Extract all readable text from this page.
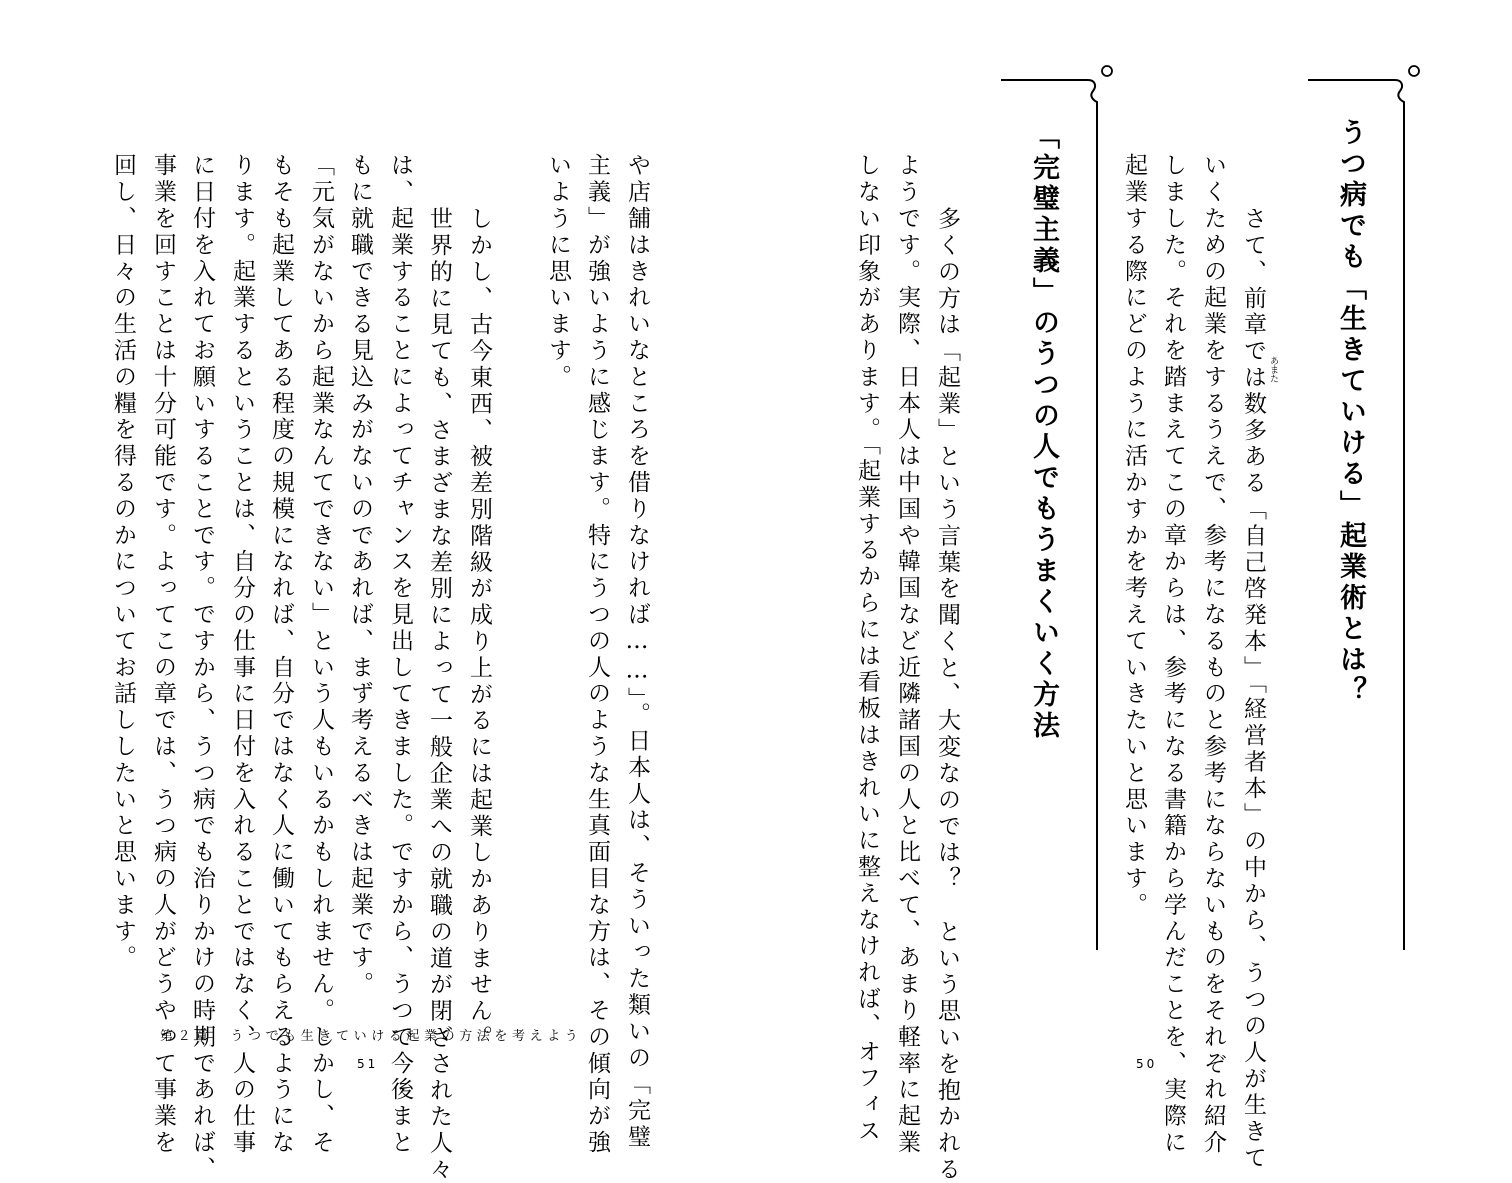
うつ病でも「生きていける」起業術とは？
　さて、前章では数多ある「自己啓発本」「経営者本」の中から、うつの人が生きて あまた
いくための起業をするうえで、参考になるものと参考にならないものをそれぞれ紹介
しました。それを踏まえてこの章からは、参考になる書籍から学んだことを、実際に
起業する際にどのように活かすかを考えていきたいと思います。
「完璧主義」のうつの人でもうまくいく方法
　多くの方は「起業」という言葉を聞くと、大変なのでは？　という思いを抱かれる
ようです。実際、日本人は中国や韓国など近隣諸国の人と比べて、あまり軽率に起業
しない印象があります。「起業するからには看板はきれいに整えなければ、オフィス
や店舗はきれいなところを借りなければ……」。日本人は、そういった類いの「完璧
主義」が強いように感じます。特にうつの人のような生真面目な方は、その傾向が強
いように思います。
　しかし、古今東西、被差別階級が成り上がるには起業しかありません。
　世界的に見ても、さまざまな差別によって一般企業への就職の道が閉ざされた人々
は、起業することによってチャンスを見出してきました。ですから、うつで今後まと
もに就職できる見込みがないのであれば、まず考えるべきは起業です。
「元気がないから起業なんてできない」という人もいるかもしれません。しかし、そ
もそも起業してある程度の規模になれば、自分ではなく人に働いてもらえるようにな
ります。起業するということは、自分の仕事に日付を入れることではなく、人の仕事
に日付を入れてお願いすることです。ですから、うつ病でも治りかけの時期であれば、
事業を回すことは十分可能です。よってこの章では、うつ病の人がどうやって事業を
回し、日々の生活の糧を得るのかについてお話ししたいと思います。
第２章　うつでも生きていける起業の方法を考えよう
51	50
